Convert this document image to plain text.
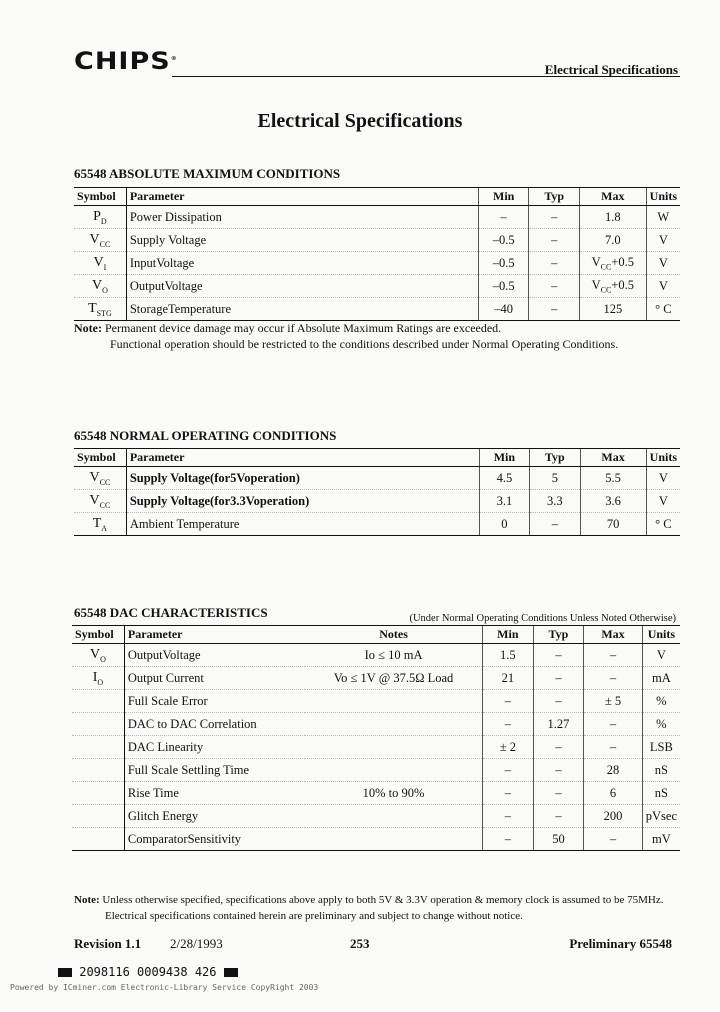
CHIPS®
Electrical Specifications
Electrical Specifications
65548 ABSOLUTE MAXIMUM CONDITIONS
Symbol	Parameter	Min	Typ	Max	Units
$P_D$	Power Dissipation	–	–	1.8	W
$V_{CC}$	Supply Voltage	–0.5	–	7.0	V
$V_I$	InputVoltage	–0.5	–	$V_{CC}+0.5$	V
$V_O$	OutputVoltage	–0.5	–	$V_{CC}+0.5$	V
$T_{STG}$	StorageTemperature	–40	–	125	° C
Note: Permanent device damage may occur if Absolute Maximum Ratings are exceeded.
Functional operation should be restricted to the conditions described under Normal Operating Conditions.
65548 NORMAL OPERATING CONDITIONS
Symbol	Parameter	Min	Typ	Max	Units
$V_{CC}$	Supply Voltage(for5Voperation)	4.5	5	5.5	V
$V_{CC}$	Supply Voltage(for3.3Voperation)	3.1	3.3	3.6	V
$T_A$	Ambient Temperature	0	–	70	° C
65548 DAC CHARACTERISTICS	(Under Normal Operating Conditions Unless Noted Otherwise)
Symbol	Parameter	Notes	Min	Typ	Max	Units
$V_O$	OutputVoltage	Io ≤ 10 mA	1.5	–	–	V
$I_O$	Output Current	Vo ≤ 1V @ 37.5Ω Load	21	–	–	mA
	Full Scale Error		–	–	± 5	%
	DAC to DAC Correlation		–	1.27	–	%
	DAC Linearity		± 2	–	–	LSB
	Full Scale Settling Time		–	–	28	nS
	Rise Time	10% to 90%	–	–	6	nS
	Glitch Energy		–	–	200	pVsec
	ComparatorSensitivity		–	50	–	mV
Note: Unless otherwise specified, specifications above apply to both 5V & 3.3V operation & memory clock is assumed to be 75MHz.
Electrical specifications contained herein are preliminary and subject to change without notice.
Revision 1.1 2/28/1993	253	Preliminary 65548
2098116 0009438 426
Powered by ICminer.com Electronic-Library Service CopyRight 2003
